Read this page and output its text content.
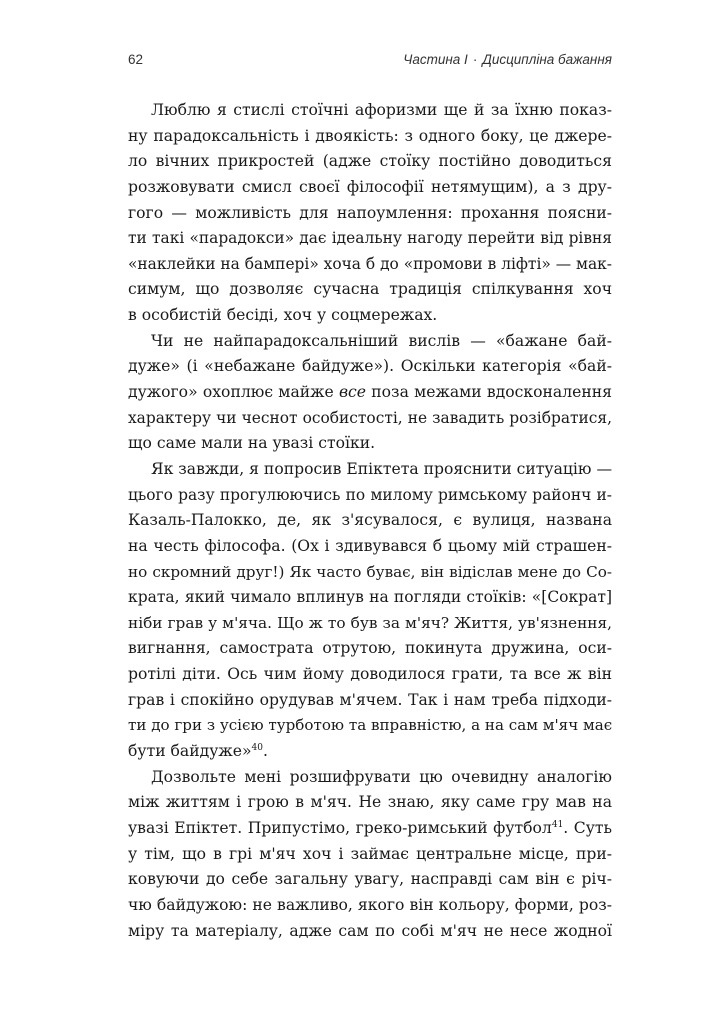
62	Частина I · Дисципліна бажання
Люблю я стислі стоїчні афоризми ще й за їхню показ-
ну парадоксальність і двоякість: з одного боку, це джере-
ло вічних прикростей (адже стоїку постійно доводиться
розжовувати смисл своєї філософії нетямущим), а з дру-
гого — можливість для напоумлення: прохання поясни-
ти такі «парадокси» дає ідеальну нагоду перейти від рівня
«наклейки на бампері» хоча б до «промови в ліфті» — мак-
симум, що дозволяє сучасна традиція спілкування хоч
в особистій бесіді, хоч у соцмережах.
Чи не найпарадоксальніший вислів — «бажане бай-
дуже» (і «небажане байдуже»). Оскільки категорія «бай-
дужого» охоплює майже все поза межами вдосконалення
характеру чи чеснот особистості, не завадить розібратися,
що саме мали на увазі стоїки.
Як завжди, я попросив Епіктета прояснити ситуацію —
цього разу прогулюючись по милому римському районч и-
Казаль-Палокко, де, як з'ясувалося, є вулиця, названа
на честь філософа. (Ох і здивувався б цьому мій страшен-
но скромний друг!) Як часто буває, він відіслав мене до Со-
крата, який чимало вплинув на погляди стоїків: «[Сократ]
ніби грав у м'яча. Що ж то був за м'яч? Життя, ув'язнення,
вигнання, самострата отрутою, покинута дружина, оси-
ротілі діти. Ось чим йому доводилося грати, та все ж він
грав і спокійно орудував м'ячем. Так і нам треба підходи-
ти до гри з усією турботою та вправністю, а на сам м'яч має
бути байдуже»$^{40}$.
Дозвольте мені розшифрувати цю очевидну аналогію
між життям і грою в м'яч. Не знаю, яку саме гру мав на
увазі Епіктет. Припустімо, греко-римський футбол$^{41}$. Суть
у тім, що в грі м'яч хоч і займає центральне місце, при-
ковуючи до себе загальну увагу, насправді сам він є річ-
чю байдужою: не важливо, якого він кольору, форми, роз-
міру та матеріалу, адже сам по собі м'яч не несе жодної
